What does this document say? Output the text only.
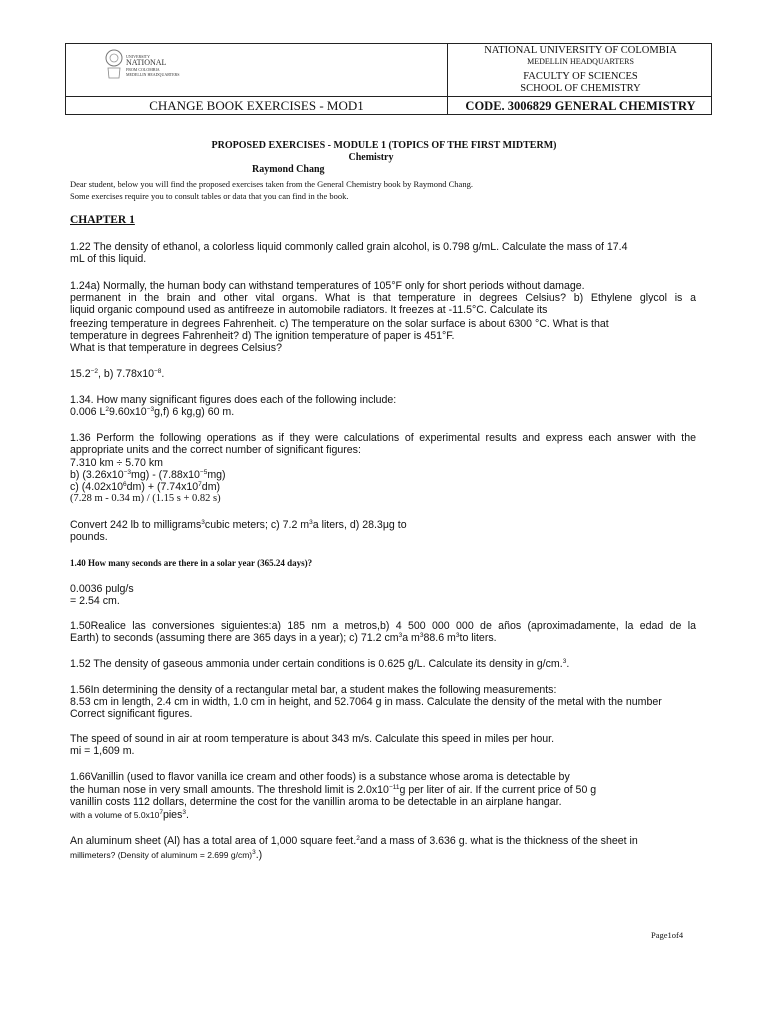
UNIVERSITY
NATIONAL
FROM COLOMBIA
MEDELLIN HEADQUARTERS
NATIONAL UNIVERSITY OF COLOMBIA
MEDELLIN HEADQUARTERS
FACULTY OF SCIENCES
SCHOOL OF CHEMISTRY
CHANGE BOOK EXERCISES - MOD1	CODE. 3006829 GENERAL CHEMISTRY
PROPOSED EXERCISES - MODULE 1 (TOPICS OF THE FIRST MIDTERM)
Chemistry
Raymond Chang
Dear student, below you will find the proposed exercises taken from the General Chemistry book by Raymond Chang.
Some exercises require you to consult tables or data that you can find in the book.
CHAPTER 1
1.22 The density of ethanol, a colorless liquid commonly called grain alcohol, is 0.798 g/mL. Calculate the mass of 17.4
mL of this liquid.
1.24a) Normally, the human body can withstand temperatures of 105°F only for short periods without damage.
permanent in the brain and other vital organs. What is that temperature in degrees Celsius? b) Ethylene glycol is a
liquid organic compound used as antifreeze in automobile radiators. It freezes at -11.5°C. Calculate its
freezing temperature in degrees Fahrenheit. c) The temperature on the solar surface is about 6300 °C. What is that
temperature in degrees Fahrenheit? d) The ignition temperature of paper is 451°F.
What is that temperature in degrees Celsius?
$15.2^{-2}$, b) $7.78x10^{-8}$.
1.34. How many significant figures does each of the following include:
0.006 $L^29.60x10^{-3}g,f$) 6 kg,g) 60 m.
1.36 Perform the following operations as if they were calculations of experimental results and express each answer with the
appropriate units and the correct number of significant figures:
7.310 km ÷ 5.70 km
b) $(3.26x10^{-3}mg) - (7.88x10^{-5}mg)$
c) $(4.02x10^6dm) + (7.74x10^7dm)$
(7.28 m - 0.34 m) / (1.15 s + 0.82 s)
Convert 242 lb to milligrams$^3$cubic meters; c) 7.2 $m^3a$ liters, d) 28.3μg to
pounds.
1.40 How many seconds are there in a solar year (365.24 days)?
0.0036 pulg/s
= 2.54 cm.
1.50Realice las conversiones siguientes:a) 185 nm a metros,b) 4 500 000 000 de años (aproximadamente, la edad de la
Earth) to seconds (assuming there are 365 days in a year); c) 71.2 $cm^3a$ $m^388.6$ $m^3to$ liters.
1.52 The density of gaseous ammonia under certain conditions is 0.625 g/L. Calculate its density in g/cm.$^3$.
1.56In determining the density of a rectangular metal bar, a student makes the following measurements:
8.53 cm in length, 2.4 cm in width, 1.0 cm in height, and 52.7064 g in mass. Calculate the density of the metal with the number
Correct significant figures.
The speed of sound in air at room temperature is about 343 m/s. Calculate this speed in miles per hour.
mi = 1,609 m.
1.66Vanillin (used to flavor vanilla ice cream and other foods) is a substance whose aroma is detectable by
the human nose in very small amounts. The threshold limit is $2.0x10^{-11}g$ per liter of air. If the current price of 50 g
vanillin costs 112 dollars, determine the cost for the vanillin aroma to be detectable in an airplane hangar.
with a volume of $5.0x10^7pies^3$.
An aluminum sheet (Al) has a total area of 1,000 square feet.$^2$and a mass of 3.636 g. what is the thickness of the sheet in
millimeters? (Density of aluminum = 2.699 g/cm)$^3$.)
Page1of4
